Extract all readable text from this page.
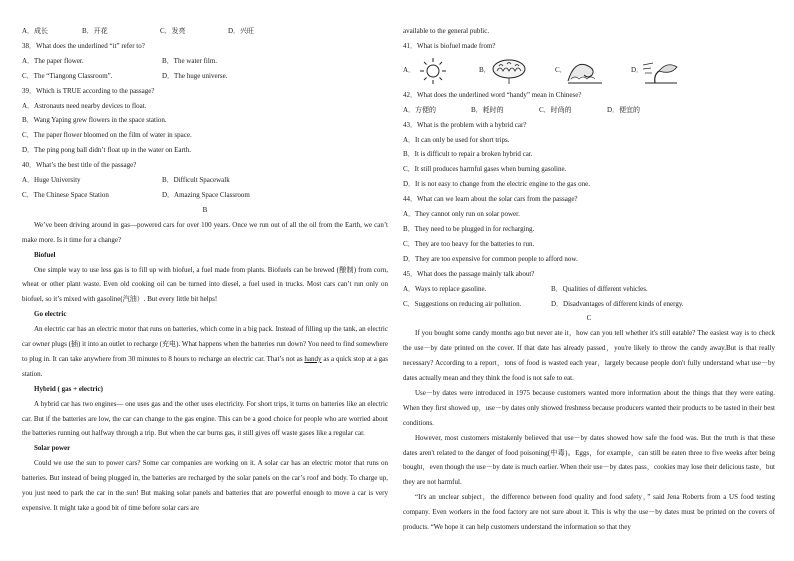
A．成长	B．开花	C．发亮	D．兴旺
38．What does the underlined “it” refer to?
A．The paper flower.	B．The water film.
C．The “Tiangong Classroom”.	D．The huge universe.
39．Which is TRUE according to the passage?
A．Astronauts need nearby devices to float.
B．Wang Yaping grew flowers in the space station.
C．The paper flower bloomed on the film of water in space.
D．The ping pong ball didn’t float up in the water on Earth.
40．What’s the best title of the passage?
A．Huge University	B．Difficult Spacewalk
C．The Chinese Space Station	D．Amazing Space Classroom
B
We’ve been driving around in gas—powered cars for over 100 years. Once we run out of all the oil from the Earth, we can’t make more. Is it time for a change?
Biofuel
One simple way to use less gas is to fill up with biofuel, a fuel made from plants. Biofuels can be brewed (酿制) from corn, wheat or other plant waste. Even old cooking oil can be turned into diesel, a fuel used in trucks. Most cars can’t run only on biofuel, so it’s mixed with gasoline(汽油）. But every little bit helps!
Go electric
An electric car has an electric motor that runs on batteries, which come in a big pack. Instead of filling up the tank, an electric car owner plugs (插) it into an outlet to recharge (充电). What happens when the batteries run down? You need to find somewhere to plug in. It can take anywhere from 30 minutes to 8 hours to recharge an electric car. That’s not as handy as a quick stop at a gas station.
Hybrid ( gas + electric)
A hybrid car has two engines— one uses gas and the other uses electricity. For short trips, it turns on batteries like an electric car. But if the batteries are low, the car can change to the gas engine. This can be a good choice for people who are worried about the batteries running out halfway through a trip. But when the car burns gas, it still gives off waste gases like a regular car.
Solar power
Could we use the sun to power cars? Some car companies are working on it. A solar car has an electric motor that runs on batteries. But instead of being plugged in, the batteries are recharged by the solar panels on the car’s roof and body. To charge up, you just need to park the car in the sun! But making solar panels and batteries that are powerful enough to move a car is very expensive. It might take a good bit of time before solar cars are
available to the general public.
41．What is biofuel made from?
A．	B．	C．	D．
42．What does the underlined word “handy” mean in Chinese?
A．方便的	B．耗时的	C．时尚的	D．便宜的
43．What is the problem with a hybrid car?
A．It can only be used for short trips.
B．It is difficult to repair a broken hybrid car.
C．It still produces harmful gases when burning gasoline.
D．It is not easy to change from the electric engine to the gas one.
44．What can we learn about the solar cars from the passage?
A．They cannot only run on solar power.
B．They need to be plugged in for recharging.
C．They are too heavy for the batteries to run.
D．They are too expensive for common people to afford now.
45．What does the passage mainly talk about?
A．Ways to replace gasoline.	B．Qualities of different vehicles.
C．Suggestions on reducing air pollution.	D．Disadvantages of different kinds of energy.
C
If you bought some candy months ago but never ate it，how can you tell whether it's still eatable? The easiest way is to check the use－by date printed on the cover. If that date has already passed，you're likely to throw the candy away.But is that really necessary? According to a report，tons of food is wasted each year，largely because people don't fully understand what use－by dates actually mean and they think the food is not safe to eat.
Use－by dates were introduced in 1975 because customers wanted more information about the things that they were eating. When they first showed up，use－by dates only showed freshness because producers wanted their products to be tasted in their best conditions.
However, most customers mistakenly believed that use－by dates showed how safe the food was. But the truth is that these dates aren't related to the danger of food poisoning(中毒)。Eggs，for example，can still be eaten three to five weeks after being bought，even though the use－by date is much earlier. When their use－by dates pass，cookies may lose their delicious taste，but they are not harmful.
“It's an unclear subject，the difference between food quality and food safety，” said Jena Roberts from a US food testing company. Even workers in the food factory are not sure about it. This is why the use－by dates must be printed on the covers of products. “We hope it can help customers understand the information so that they
